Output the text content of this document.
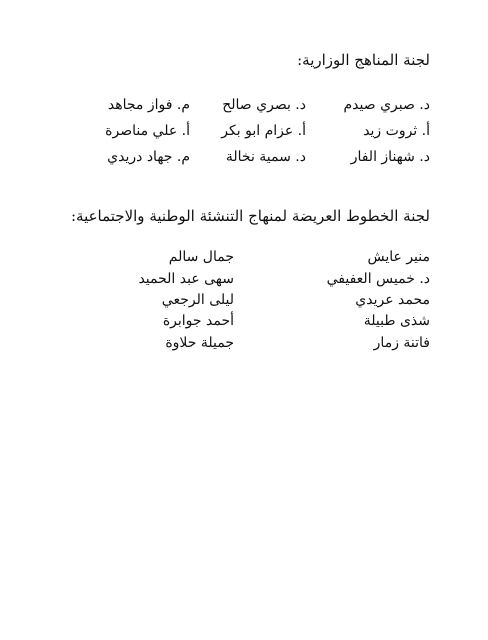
لجنة المناهج الوزارية:
د. صبري صيدم
د. بصري صالح
م. فواز مجاهد
أ. ثروت زيد
أ. عزام ابو بكر
أ. علي مناصرة
د. شهناز الفار
د. سمية نخالة
م. جهاد دريدي
لجنة الخطوط العريضة لمنهاج التنشئة الوطنية والاجتماعية:
منير عايش
جمال سالم
د. خميس العفيفي
سهى عبد الحميد
محمد عريدي
ليلى الرجعي
شذى طبيلة
أحمد جوابرة
فاتنة زمار
جميلة حلاوة
